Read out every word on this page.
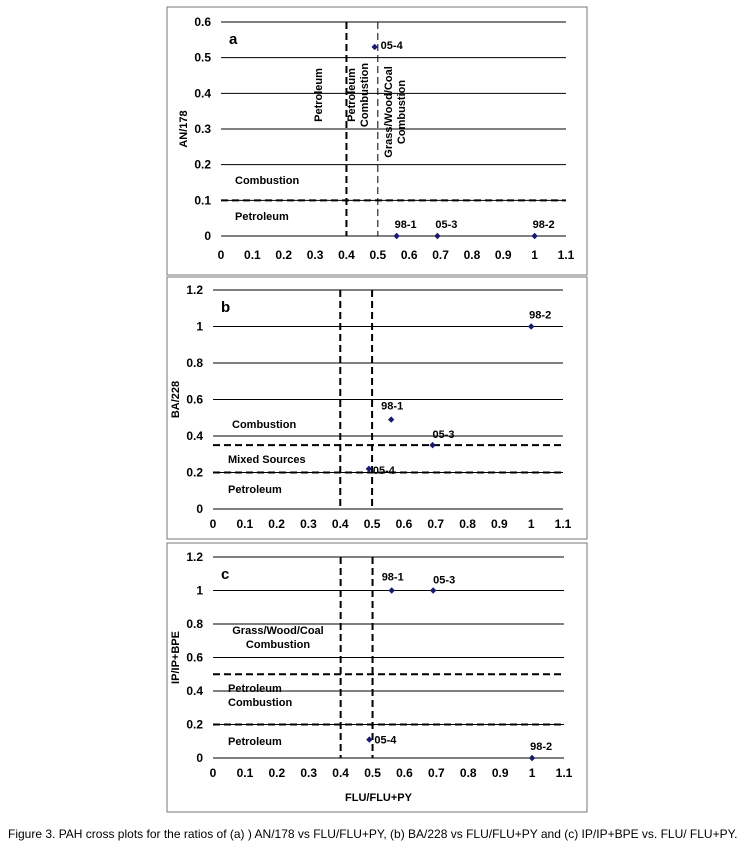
0
0.1
0.2
0.3
0.4
0.5
0.6
0 0.1 0.2 0.3 0.4 0.5 0.6 0.7 0.8 0.9 1 1.1
a
AN/178
Petroleum PetroleumCombustion Grass/Wood/CoalCombustion
Combustion
Petroleum
05-4
98-1 05-3	98-2
0
0.2
0.4
0.6
0.8
1
1.2
0 0.1 0.2 0.3 0.4 0.5 0.6 0.7 0.8 0.9 1 1.1
b
BA/228
Combustion
Mixed Sources
Petroleum
98-2
98-1
05-3
05-4
0
0.2
0.4
0.6
0.8
1
1.2
0 0.1 0.2 0.3 0.4 0.5 0.6 0.7 0.8 0.9 1 1.1
c
IP/IP+BPE
FLU/FLU+PY
Grass/Wood/Coal Combustion
Petroleum Combustion
Petroleum
98-1	05-3
05-4
98-2

Figure 3. PAH cross plots for the ratios of (a) ) AN/178 vs FLU/FLU+PY, (b) BA/228 vs FLU/FLU+PY and (c) IP/IP+BPE vs. FLU/ FLU+PY.
